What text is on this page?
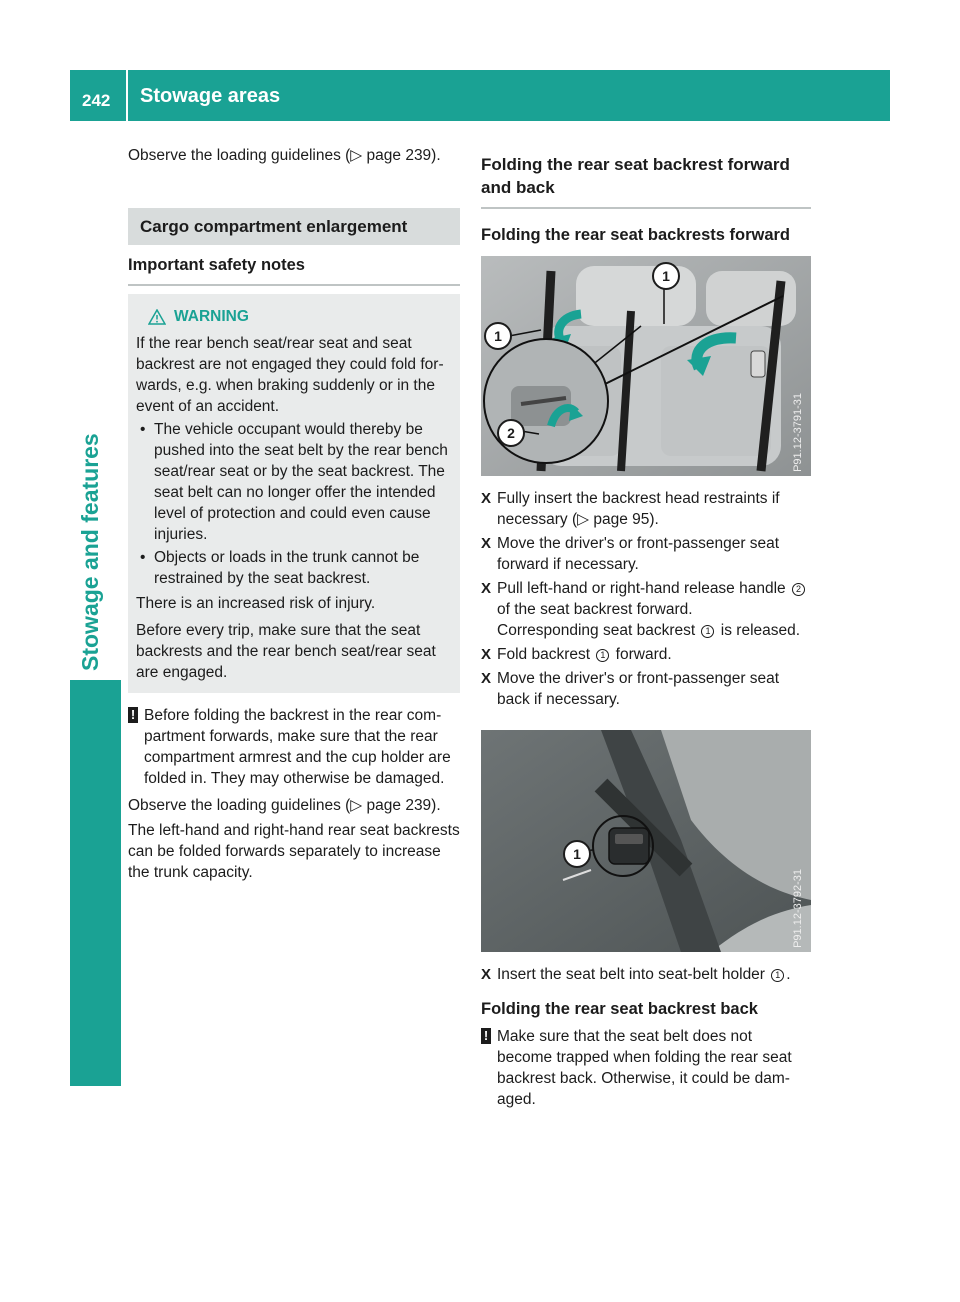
242 Stowage areas
Stowage and features

Observe the loading guidelines (▷ page 239).

Cargo compartment enlargement
Important safety notes
WARNING

If the rear bench seat/rear seat and seat backrest are not engaged they could fold for-wards, e.g. when braking suddenly or in the event of an accident.

• The vehicle occupant would thereby be pushed into the seat belt by the rear bench seat/rear seat or by the seat backrest. The seat belt can no longer offer the intended level of protection and could even cause injuries.

• Objects or loads in the trunk cannot be restrained by the seat backrest.

There is an increased risk of injury.

Before every trip, make sure that the seat backrests and the rear bench seat/rear seat are engaged.

! Before folding the backrest in the rear com-partment forwards, make sure that the rear compartment armrest and the cup holder are folded in. They may otherwise be damaged.

Observe the loading guidelines (▷ page 239).

The left-hand and right-hand rear seat backrests can be folded forwards separately to increase the trunk capacity.

Folding the rear seat backrest forward and back
Folding the rear seat backrests forward
1
1
2	P91.12-3791-31
X Fully insert the backrest head restraints if necessary (▷ page 95).
X Move the driver's or front-passenger seat forward if necessary.
X Pull left-hand or right-hand release handle 2 of the seat backrest forward.
Corresponding seat backrest 1 is released.
X Fold backrest 1 forward.
X Move the driver's or front-passenger seat back if necessary.
1
P91.12-3792-31
X Insert the seat belt into seat-belt holder 1 .
Folding the rear seat backrest back
! Make sure that the seat belt does not become trapped when folding the rear seat backrest back. Otherwise, it could be dam-aged.
